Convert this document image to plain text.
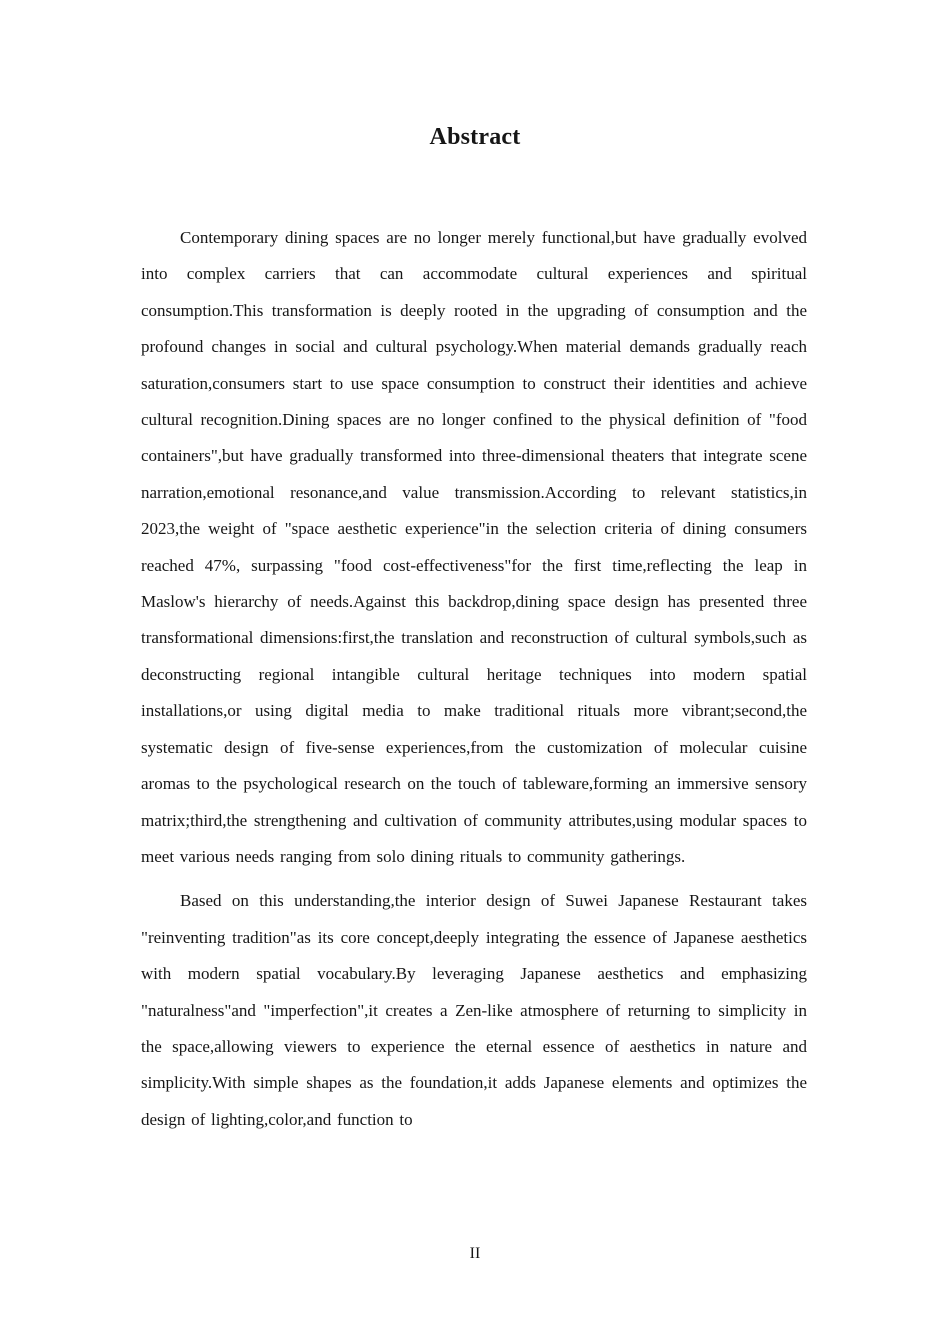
Abstract

Contemporary dining spaces are no longer merely functional,but have gradually evolved into complex carriers that can accommodate cultural experiences and spiritual consumption.This transformation is deeply rooted in the upgrading of consumption and the profound changes in social and cultural psychology.When material demands gradually reach saturation,consumers start to use space consumption to construct their identities and achieve cultural recognition.Dining spaces are no longer confined to the physical definition of "food containers",but have gradually transformed into three-dimensional theaters that integrate scene narration,emotional resonance,and value transmission.According to relevant statistics,in 2023,the weight of "space aesthetic experience"in the selection criteria of dining consumers reached 47%, surpassing "food cost-effectiveness"for the first time,reflecting the leap in Maslow's hierarchy of needs.Against this backdrop,dining space design has presented three transformational dimensions:first,the translation and reconstruction of cultural symbols,such as deconstructing regional intangible cultural heritage techniques into modern spatial installations,or using digital media to make traditional rituals more vibrant;second,the systematic design of five-sense experiences,from the customization of molecular cuisine aromas to the psychological research on the touch of tableware,forming an immersive sensory matrix;third,the strengthening and cultivation of community attributes,using modular spaces to meet various needs ranging from solo dining rituals to community gatherings.

Based on this understanding,the interior design of Suwei Japanese Restaurant takes "reinventing tradition"as its core concept,deeply integrating the essence of Japanese aesthetics with modern spatial vocabulary.By leveraging Japanese aesthetics and emphasizing "naturalness"and "imperfection",it creates a Zen-like atmosphere of returning to simplicity in the space,allowing viewers to experience the eternal essence of aesthetics in nature and simplicity.With simple shapes as the foundation,it adds Japanese elements and optimizes the design of lighting,color,and function to

II
